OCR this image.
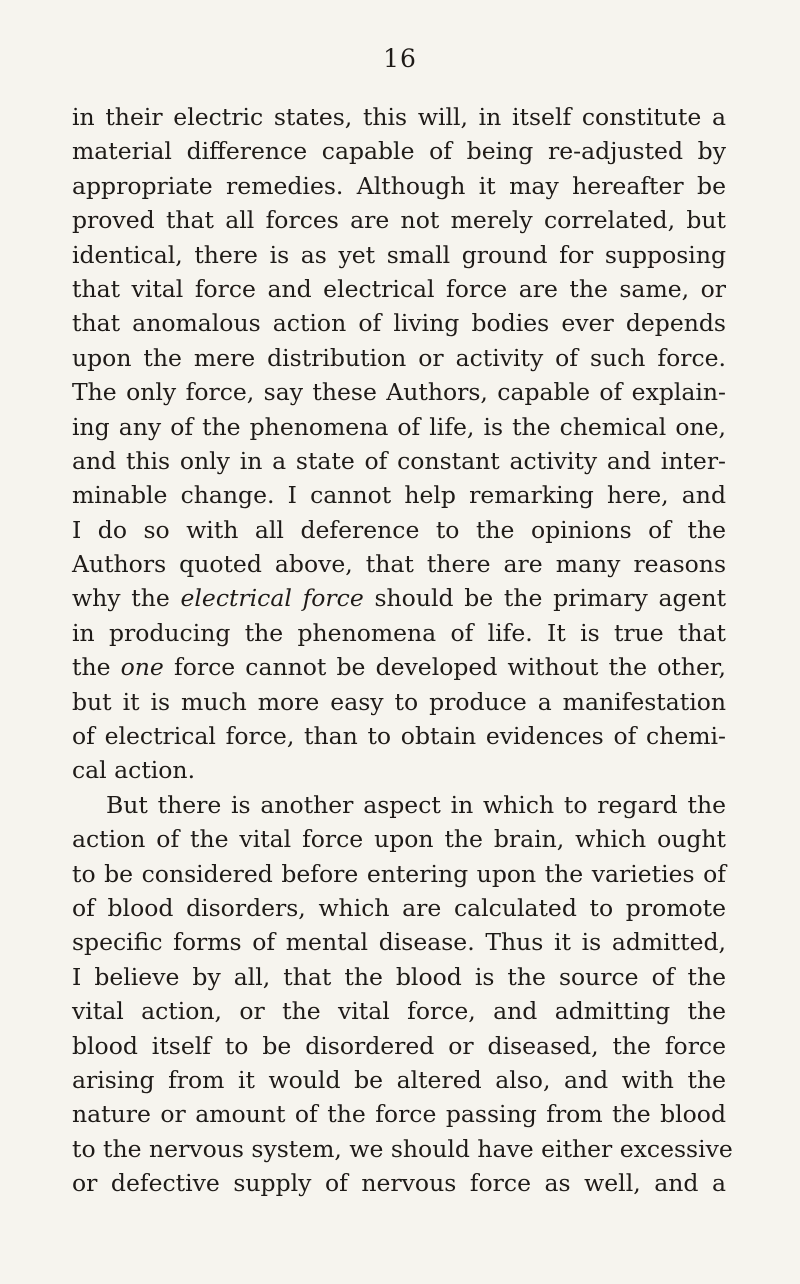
16
in their electric states, this will, in itself constitute a
material difference capable of being re-adjusted by
appropriate remedies. Although it may hereafter be
proved that all forces are not merely correlated, but
identical, there is as yet small ground for supposing
that vital force and electrical force are the same, or
that anomalous action of living bodies ever depends
upon the mere distribution or activity of such force.
The only force, say these Authors, capable of explain-
ing any of the phenomena of life, is the chemical one,
and this only in a state of constant activity and inter-
minable change. I cannot help remarking here, and
I do so with all deference to the opinions of the
Authors quoted above, that there are many reasons
why the electrical force should be the primary agent
in producing the phenomena of life. It is true that
the one force cannot be developed without the other,
but it is much more easy to produce a manifestation
of electrical force, than to obtain evidences of chemi-
cal action.
But there is another aspect in which to regard the
action of the vital force upon the brain, which ought
to be considered before entering upon the varieties of
of blood disorders, which are calculated to promote
specific forms of mental disease. Thus it is admitted,
I believe by all, that the blood is the source of the
vital action, or the vital force, and admitting the
blood itself to be disordered or diseased, the force
arising from it would be altered also, and with the
nature or amount of the force passing from the blood
to the nervous system, we should have either excessive
or defective supply of nervous force as well, and a
